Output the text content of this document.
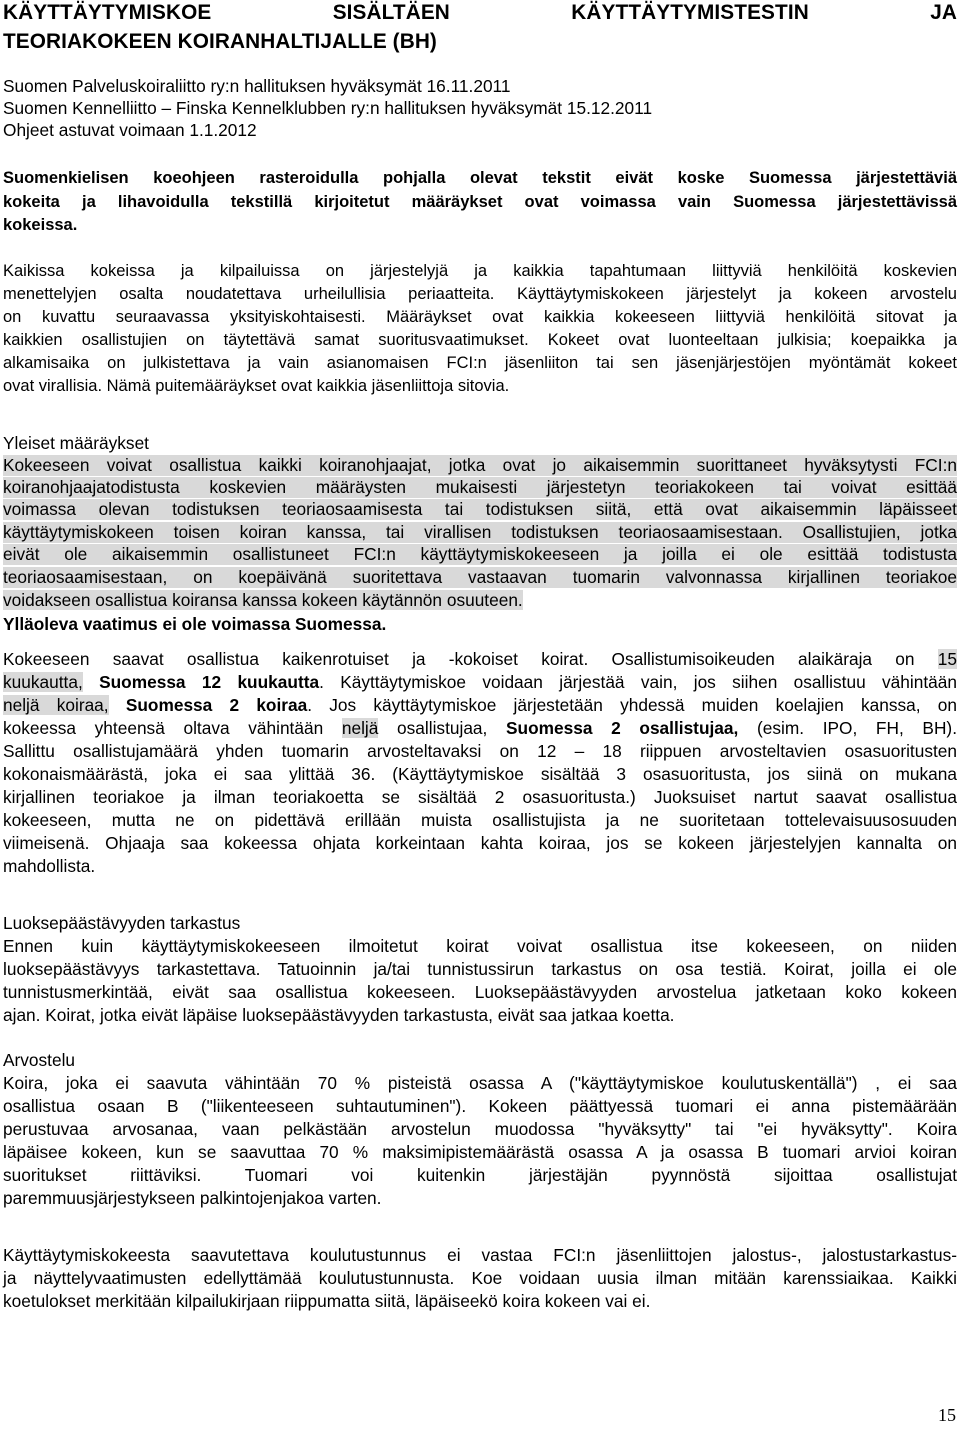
KÄYTTÄYTYMISKOE SISÄLTÄEN KÄYTTÄYTYMISTESTIN JA
TEORIAKOKEEN KOIRANHALTIJALLE (BH)
Suomen Palveluskoiraliitto ry:n hallituksen hyväksymät 16.11.2011
Suomen Kennelliitto – Finska Kennelklubben ry:n hallituksen hyväksymät 15.12.2011
Ohjeet astuvat voimaan 1.1.2012
Suomenkielisen koeohjeen rasteroidulla pohjalla olevat tekstit eivät koske Suomessa järjestettäviä
kokeita ja lihavoidulla tekstillä kirjoitetut määräykset ovat voimassa vain Suomessa järjestettävissä
kokeissa.
Kaikissa kokeissa ja kilpailuissa on järjestelyjä ja kaikkia tapahtumaan liittyviä henkilöitä koskevien
menettelyjen osalta noudatettava urheilullisia periaatteita. Käyttäytymiskokeen järjestelyt ja kokeen arvostelu
on kuvattu seuraavassa yksityiskohtaisesti. Määräykset ovat kaikkia kokeeseen liittyviä henkilöitä sitovat ja
kaikkien osallistujien on täytettävä samat suoritusvaatimukset. Kokeet ovat luonteeltaan julkisia; koepaikka ja
alkamisaika on julkistettava ja vain asianomaisen FCI:n jäsenliiton tai sen jäsenjärjestöjen myöntämät kokeet
ovat virallisia. Nämä puitemääräykset ovat kaikkia jäsenliittoja sitovia.
Yleiset määräykset
Kokeeseen voivat osallistua kaikki koiranohjaajat, jotka ovat jo aikaisemmin suorittaneet hyväksytysti FCI:n
koiranohjaajatodistusta koskevien määräysten mukaisesti järjestetyn teoriakokeen tai voivat esittää
voimassa olevan todistuksen teoriaosaamisesta tai todistuksen siitä, että ovat aikaisemmin läpäisseet
käyttäytymiskokeen toisen koiran kanssa, tai virallisen todistuksen teoriaosaamisestaan. Osallistujien, jotka
eivät ole aikaisemmin osallistuneet FCI:n käyttäytymiskokeeseen ja joilla ei ole esittää todistusta
teoriaosaamisestaan, on koepäivänä suoritettava vastaavan tuomarin valvonnassa kirjallinen teoriakoe
voidakseen osallistua koiransa kanssa kokeen käytännön osuuteen.
Ylläoleva vaatimus ei ole voimassa Suomessa.
Kokeeseen saavat osallistua kaikenrotuiset ja -kokoiset koirat. Osallistumisoikeuden alaikäraja on 15
kuukautta, Suomessa 12 kuukautta. Käyttäytymiskoe voidaan järjestää vain, jos siihen osallistuu vähintään
neljä koiraa, Suomessa 2 koiraa. Jos käyttäytymiskoe järjestetään yhdessä muiden koelajien kanssa, on
kokeessa yhteensä oltava vähintään neljä osallistujaa, Suomessa 2 osallistujaa, (esim. IPO, FH, BH).
Sallittu osallistujamäärä yhden tuomarin arvosteltavaksi on 12 – 18 riippuen arvosteltavien osasuoritusten
kokonaismäärästä, joka ei saa ylittää 36. (Käyttäytymiskoe sisältää 3 osasuoritusta, jos siinä on mukana
kirjallinen teoriakoe ja ilman teoriakoetta se sisältää 2 osasuoritusta.) Juoksuiset nartut saavat osallistua
kokeeseen, mutta ne on pidettävä erillään muista osallistujista ja ne suoritetaan tottelevaisuusosuuden
viimeisenä. Ohjaaja saa kokeessa ohjata korkeintaan kahta koiraa, jos se kokeen järjestelyjen kannalta on
mahdollista.
Luoksepäästävyyden tarkastus
Ennen kuin käyttäytymiskokeeseen ilmoitetut koirat voivat osallistua itse kokeeseen, on niiden
luoksepäästävyys tarkastettava. Tatuoinnin ja/tai tunnistussirun tarkastus on osa testiä. Koirat, joilla ei ole
tunnistusmerkintää, eivät saa osallistua kokeeseen. Luoksepäästävyyden arvostelua jatketaan koko kokeen
ajan. Koirat, jotka eivät läpäise luoksepäästävyyden tarkastusta, eivät saa jatkaa koetta.
Arvostelu
Koira, joka ei saavuta vähintään 70 % pisteistä osassa A ("käyttäytymiskoe koulutuskentällä") , ei saa
osallistua osaan B ("liikenteeseen suhtautuminen"). Kokeen päättyessä tuomari ei anna pistemäärään
perustuvaa arvosanaa, vaan pelkästään arvostelun muodossa "hyväksytty" tai "ei hyväksytty". Koira
läpäisee kokeen, kun se saavuttaa 70 % maksimipistemäärästä osassa A ja osassa B tuomari arvioi koiran
suoritukset riittäviksi. Tuomari voi kuitenkin järjestäjän pyynnöstä sijoittaa osallistujat
paremmuusjärjestykseen palkintojenjakoa varten.
Käyttäytymiskokeesta saavutettava koulutustunnus ei vastaa FCI:n jäsenliittojen jalostus-, jalostustarkastus-
ja näyttelyvaatimusten edellyttämää koulutustunnusta. Koe voidaan uusia ilman mitään karenssiaikaa. Kaikki
koetulokset merkitään kilpailukirjaan riippumatta siitä, läpäiseekö koira kokeen vai ei.
15
